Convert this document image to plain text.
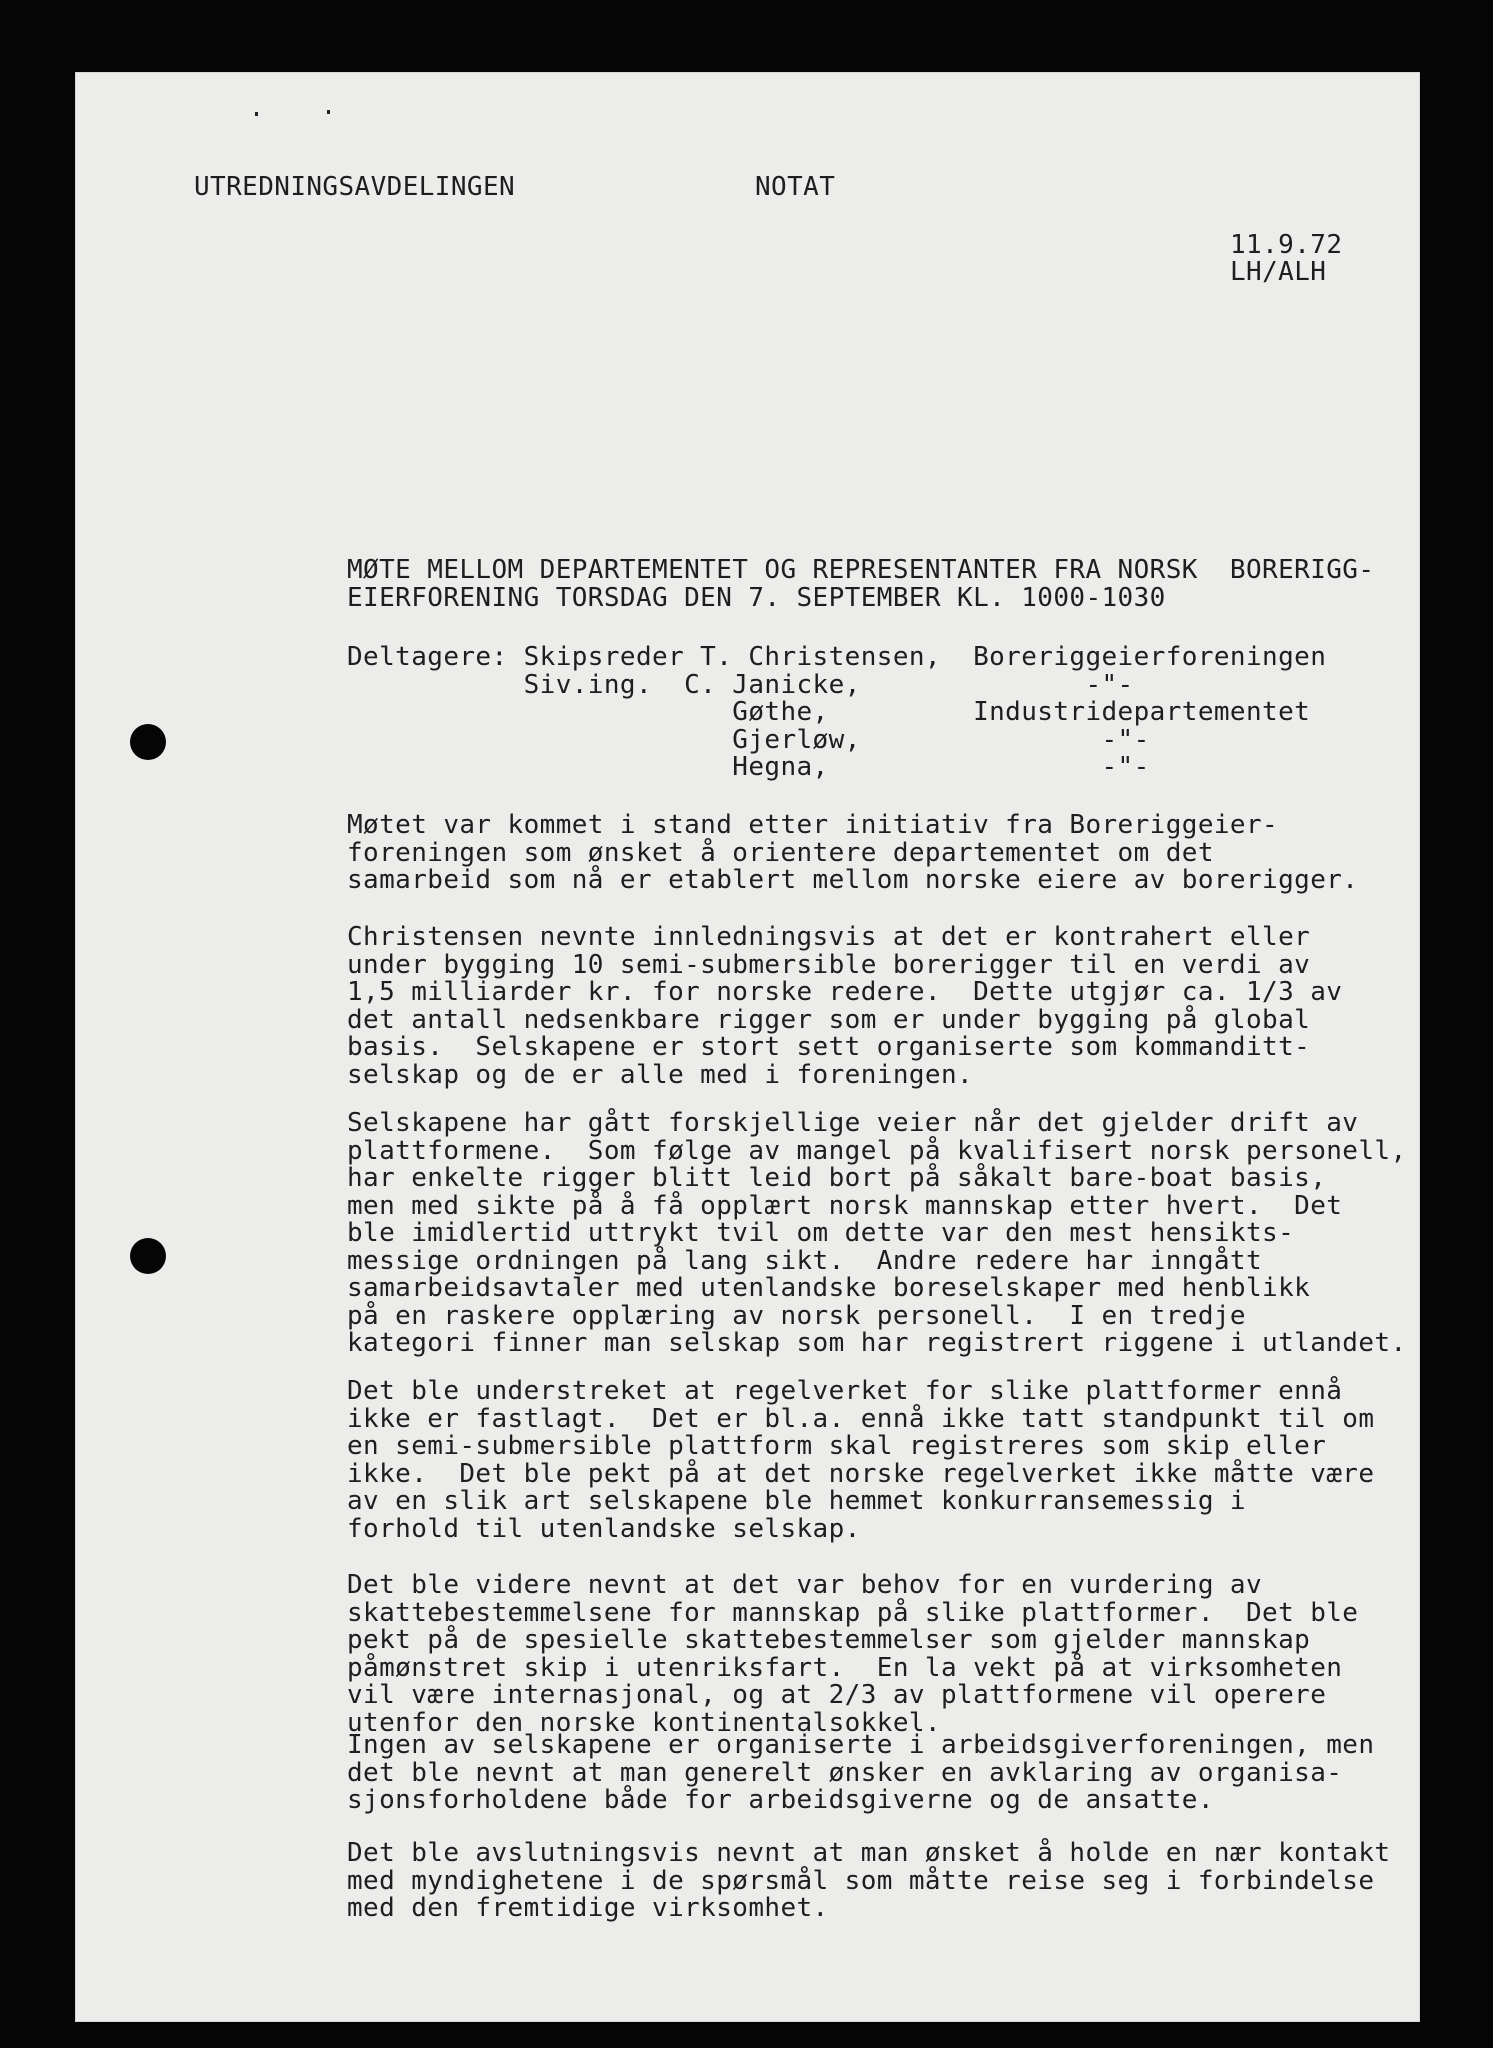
UTREDNINGSAVDELINGEN	NOTAT

11.9.72

LH/ALH

MØTE MELLOM DEPARTEMENTET OG REPRESENTANTER FRA NORSK  BORERIGG-
EIERFORENING TORSDAG DEN 7. SEPTEMBER KL. 1000-1030
Deltagere: Skipsreder T. Christensen,  Boreriggeierforeningen
Siv.ing.  C. Janicke,              -"-
Gøthe,         Industridepartementet
Gjerløw,               -"-
Hegna,                 -"-
Møtet var kommet i stand etter initiativ fra Boreriggeier-
foreningen som ønsket å orientere departementet om det
samarbeid som nå er etablert mellom norske eiere av borerigger.
Christensen nevnte innledningsvis at det er kontrahert eller
under bygging 10 semi-submersible borerigger til en verdi av
1,5 milliarder kr. for norske redere.  Dette utgjør ca. 1/3 av
det antall nedsenkbare rigger som er under bygging på global
basis.  Selskapene er stort sett organiserte som kommanditt-
selskap og de er alle med i foreningen.
Selskapene har gått forskjellige veier når det gjelder drift av
plattformene.  Som følge av mangel på kvalifisert norsk personell,
har enkelte rigger blitt leid bort på såkalt bare-boat basis,
men med sikte på å få opplært norsk mannskap etter hvert.  Det
ble imidlertid uttrykt tvil om dette var den mest hensikts-
messige ordningen på lang sikt.  Andre redere har inngått
samarbeidsavtaler med utenlandske boreselskaper med henblikk
på en raskere opplæring av norsk personell.  I en tredje
kategori finner man selskap som har registrert riggene i utlandet.
Det ble understreket at regelverket for slike plattformer ennå
ikke er fastlagt.  Det er bl.a. ennå ikke tatt standpunkt til om
en semi-submersible plattform skal registreres som skip eller
ikke.  Det ble pekt på at det norske regelverket ikke måtte være
av en slik art selskapene ble hemmet konkurransemessig i
forhold til utenlandske selskap.
Det ble videre nevnt at det var behov for en vurdering av
skattebestemmelsene for mannskap på slike plattformer.  Det ble
pekt på de spesielle skattebestemmelser som gjelder mannskap
påmønstret skip i utenriksfart.  En la vekt på at virksomheten
vil være internasjonal, og at 2/3 av plattformene vil operere
utenfor den norske kontinentalsokkel.
Ingen av selskapene er organiserte i arbeidsgiverforeningen, men
det ble nevnt at man generelt ønsker en avklaring av organisa-
sjonsforholdene både for arbeidsgiverne og de ansatte.
Det ble avslutningsvis nevnt at man ønsket å holde en nær kontakt
med myndighetene i de spørsmål som måtte reise seg i forbindelse
med den fremtidige virksomhet.
